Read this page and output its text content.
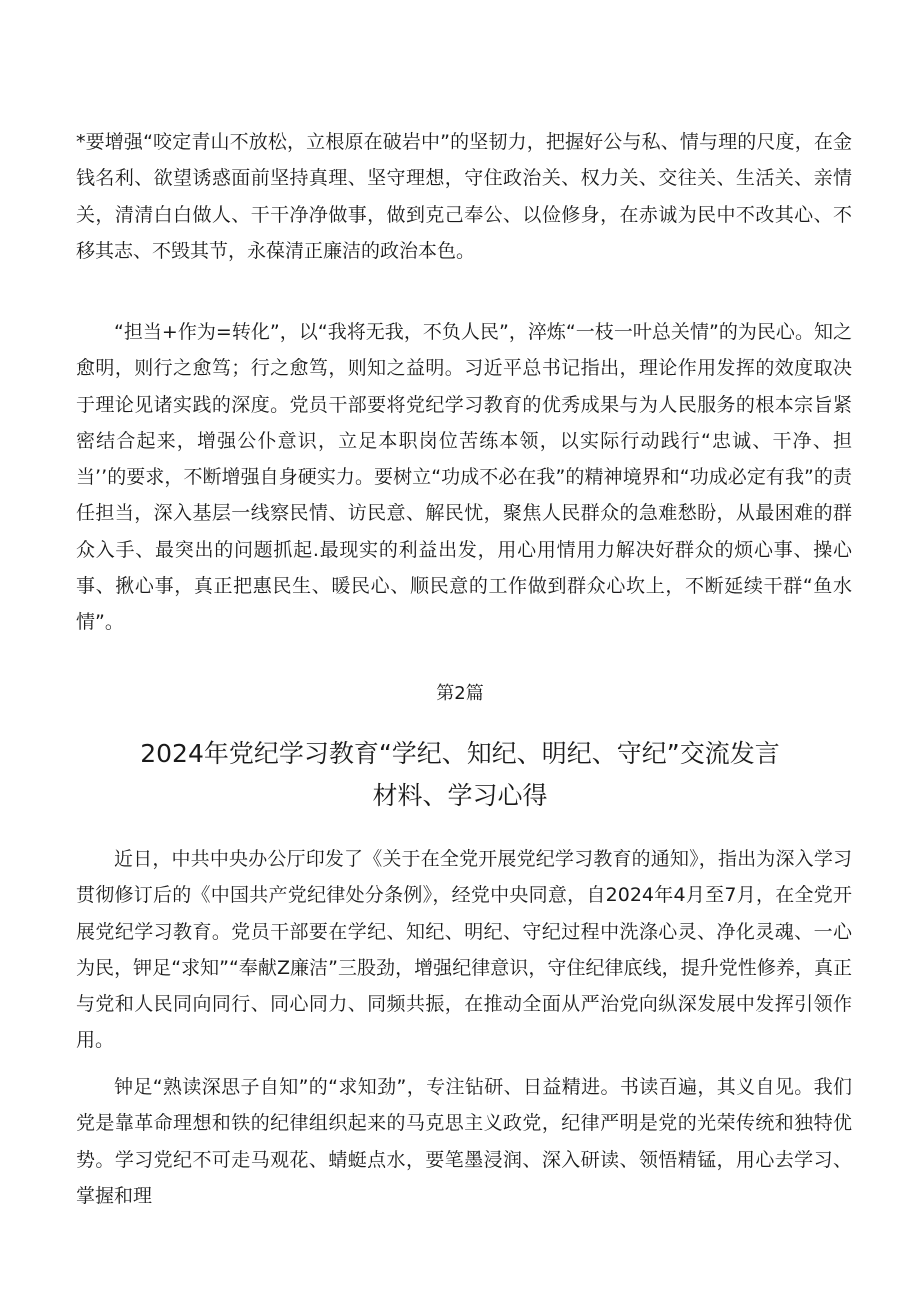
*要增强“咬定青山不放松，立根原在破岩中”的坚韧力，把握好公与私、情与理的尺度，在金钱名利、欲望诱惑面前坚持真理、坚守理想，守住政治关、权力关、交往关、生活关、亲情关，清清白白做人、干干净净做事，做到克己奉公、以俭修身，在赤诚为民中不改其心、不移其志、不毁其节，永葆清正廉洁的政治本色。

“担当+作为=转化”，以“我将无我，不负人民”，淬炼“一枝一叶总关情”的为民心。知之愈明，则行之愈笃；行之愈笃，则知之益明。习近平总书记指出，理论作用发挥的效度取决于理论见诸实践的深度。党员干部要将党纪学习教育的优秀成果与为人民服务的根本宗旨紧密结合起来，增强公仆意识，立足本职岗位苦练本领，以实际行动践行“忠诚、干净、担当’’的要求，不断增强自身硬实力。要树立“功成不必在我”的精神境界和“功成必定有我”的责任担当，深入基层一线察民情、访民意、解民忧，聚焦人民群众的急难愁盼，从最困难的群众入手、最突出的问题抓起.最现实的利益出发，用心用情用力解决好群众的烦心事、操心事、揪心事，真正把惠民生、暖民心、顺民意的工作做到群众心坎上，不断延续干群“鱼水情”。

第2篇

2024年党纪学习教育“学纪、知纪、明纪、守纪”交流发言
材料、学习心得

近日，中共中央办公厅印发了《关于在全党开展党纪学习教育的通知》，指出为深入学习贯彻修订后的《中国共产党纪律处分条例》，经党中央同意，自2024年4月至7月，在全党开展党纪学习教育。党员干部要在学纪、知纪、明纪、守纪过程中洗涤心灵、净化灵魂、一心为民，钾足“求知”“奉献Z廉洁”三股劲，增强纪律意识，守住纪律底线，提升党性修养，真正与党和人民同向同行、同心同力、同频共振，在推动全面从严治党向纵深发展中发挥引领作用。

钟足“熟读深思子自知”的“求知劲”，专注钻研、日益精进。书读百遍，其义自见。我们党是靠革命理想和铁的纪律组织起来的马克思主义政党，纪律严明是党的光荣传统和独特优势。学习党纪不可走马观花、蜻蜓点水，要笔墨浸润、深入研读、领悟精锰，用心去学习、掌握和理
